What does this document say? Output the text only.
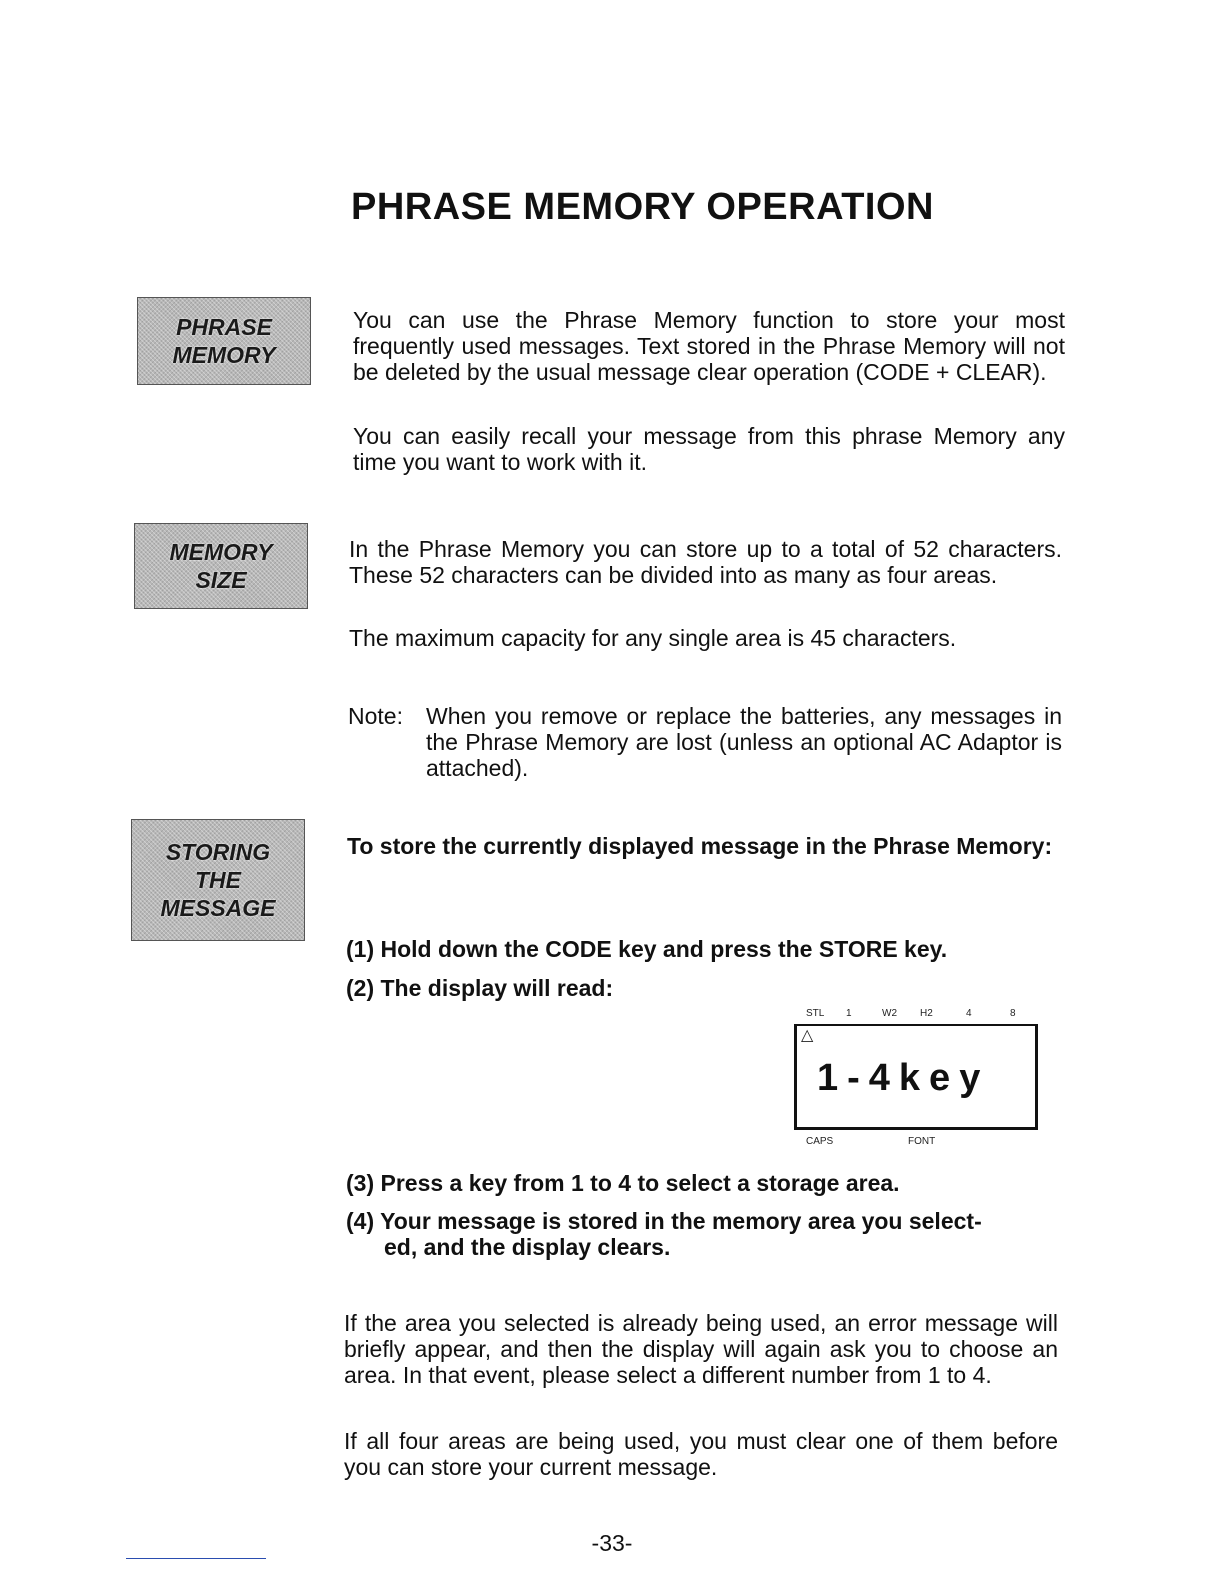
PHRASE MEMORY OPERATION
PHRASE
MEMORY

You can use the Phrase Memory function to store your most frequently used messages. Text stored in the Phrase Memory will not be deleted by the usual message clear operation (CODE + CLEAR).

You can easily recall your message from this phrase Memory any time you want to work with it.

MEMORY
SIZE

In the Phrase Memory you can store up to a total of 52 characters. These 52 characters can be divided into as many as four areas.

The maximum capacity for any single area is 45 characters.

Note: When you remove or replace the batteries, any messages in the Phrase Memory are lost (unless an optional AC Adaptor is attached).

STORING
THE
MESSAGE

To store the currently displayed message in the Phrase Memory:

(1) Hold down the CODE key and press the STORE key.

(2) The display will read:

STL 1	W2 H2	4	8
△
1-4key
CAPS	FONT

(3) Press a key from 1 to 4 to select a storage area.

(4) Your message is stored in the memory area you select-

ed, and the display clears.

If the area you selected is already being used, an error message will briefly appear, and then the display will again ask you to choose an area. In that event, please select a different number from 1 to 4.

If all four areas are being used, you must clear one of them before you can store your current message.

-33-
